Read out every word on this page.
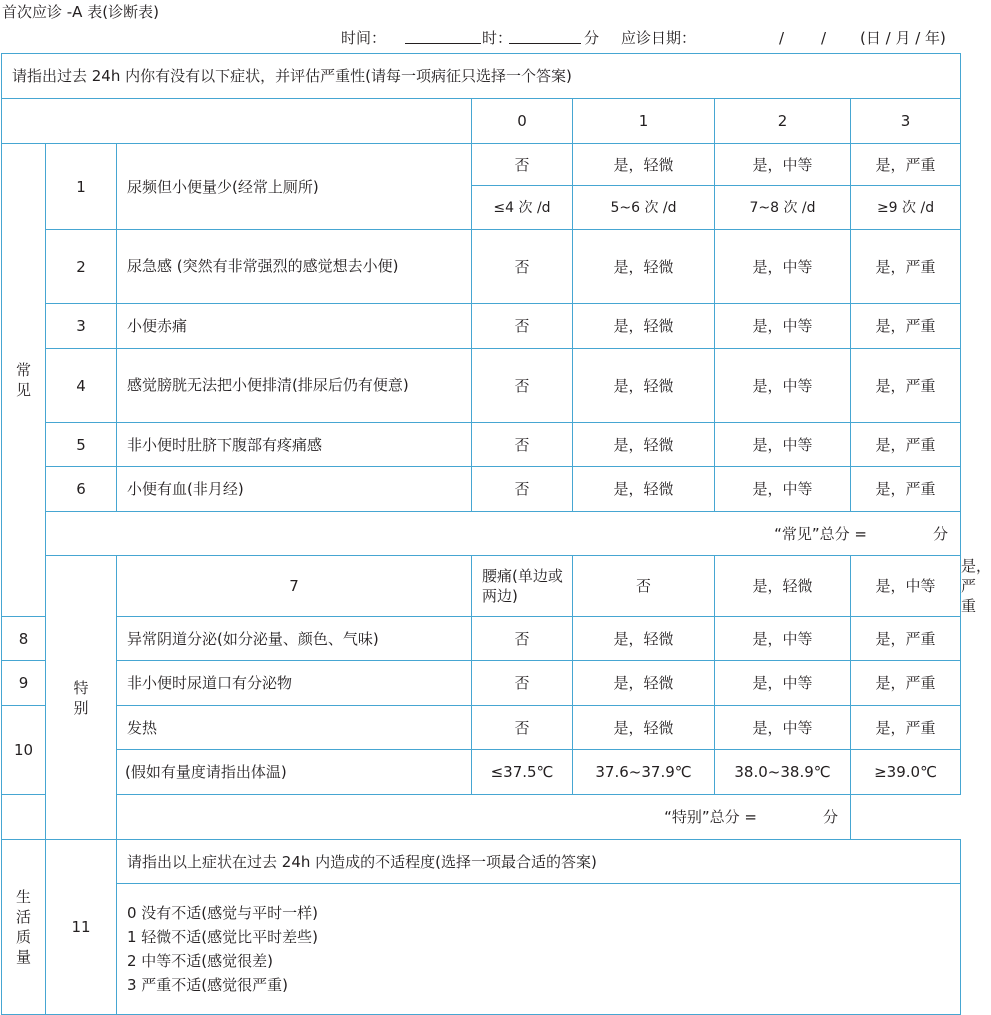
首次应诊 -A 表(诊断表)
时间：	时：	分 应诊日期：	/ / (日 / 月 / 年)
请指出过去 24h 内你有没有以下症状，并评估严重性(请每一项病征只选择一个答案)							
			0	1	2	3	

常
见	1	尿频但小便量少(经常上厕所)	否	是，轻微	是，中等	是，严重	
			≤4 次 /d	5~6 次 /d	7~8 次 /d	≥9 次 /d	
	2	尿急感 (突然有非常强烈的感觉想去小便)	否	是，轻微	是，中等	是，严重	
	3	小便赤痛	否	是，轻微	是，中等	是，严重	
	4	感觉膀胱无法把小便排清(排尿后仍有便意)	否	是，轻微	是，中等	是，严重	
	5	非小便时肚脐下腹部有疼痛感	否	是，轻微	是，中等	是，严重	
	6	小便有血(非月经)	否	是，轻微	是，中等	是，严重	
	“常见”总分 = 分						

	特
别	7	腰痛(单边或两边)	否	是，轻微	是，中等	是，严重
8		异常阴道分泌(如分泌量、颜色、气味)	否	是，轻微	是，中等	是，严重	
9		非小便时尿道口有分泌物	否	是，轻微	是，中等	是，严重	
10		发热	否	是，轻微	是，中等	是，严重	
		(假如有量度请指出体温)	≤37.5℃	37.6~37.9℃	38.0~38.9℃	≥39.0℃	
“特别”总分 = 分							

生
活
质
量	11	请指出以上症状在过去 24h 内造成的不适程度(选择一项最合适的答案)					

		0 没有不适(感觉与平时一样)
1 轻微不适(感觉比平时差些)
2 中等不适(感觉很差)
3 严重不适(感觉很严重)					
